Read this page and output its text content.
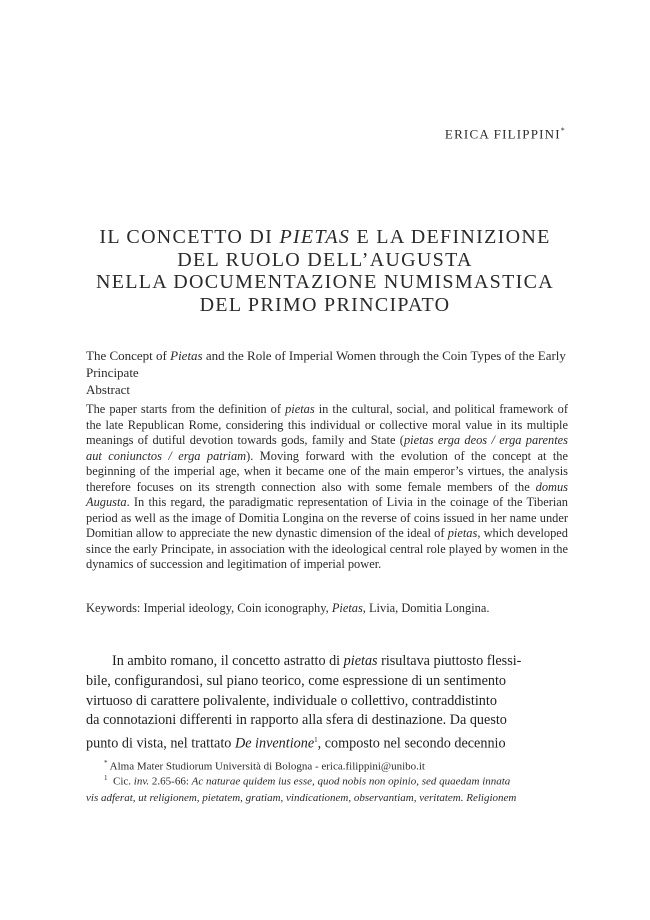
ERICA FILIPPINI*
IL CONCETTO DI PIETAS E LA DEFINIZIONE
DEL RUOLO DELL’AUGUSTA
NELLA DOCUMENTAZIONE NUMISMASTICA
DEL PRIMO PRINCIPATO
The Concept of Pietas and the Role of Imperial Women through the Coin Types of the Early Principate
Abstract
The paper starts from the definition of pietas in the cultural, social, and political framework of the late Republican Rome, considering this individual or collective moral value in its multiple meanings of dutiful devotion towards gods, family and State (pietas erga deos / erga parentes aut coniunctos / erga patriam). Moving forward with the evolution of the concept at the beginning of the imperial age, when it became one of the main emperor’s virtues, the analysis therefore focuses on its strength connection also with some female members of the domus Augusta. In this regard, the paradigmatic representation of Livia in the coinage of the Tiberian period as well as the image of Domitia Longina on the reverse of coins issued in her name under Domitian allow to appreciate the new dynastic dimension of the ideal of pietas, which developed since the early Principate, in association with the ideological central role played by women in the dynamics of succession and legitimation of imperial power.
Keywords: Imperial ideology, Coin iconography, Pietas, Livia, Domitia Longina.
In ambito romano, il concetto astratto di pietas risultava piuttosto flessi-
bile, configurandosi, sul piano teorico, come espressione di un sentimento
virtuoso di carattere polivalente, individuale o collettivo, contraddistinto
da connotazioni differenti in rapporto alla sfera di destinazione. Da questo
punto di vista, nel trattato De inventione$^1$, composto nel secondo decennio
* Alma Mater Studiorum Università di Bologna - erica.filippini@unibo.it
$^1$ Cic. inv. 2.65-66: Ac naturae quidem ius esse, quod nobis non opinio, sed quaedam innata
vis adferat, ut religionem, pietatem, gratiam, vindicationem, observantiam, veritatem. Religionem
